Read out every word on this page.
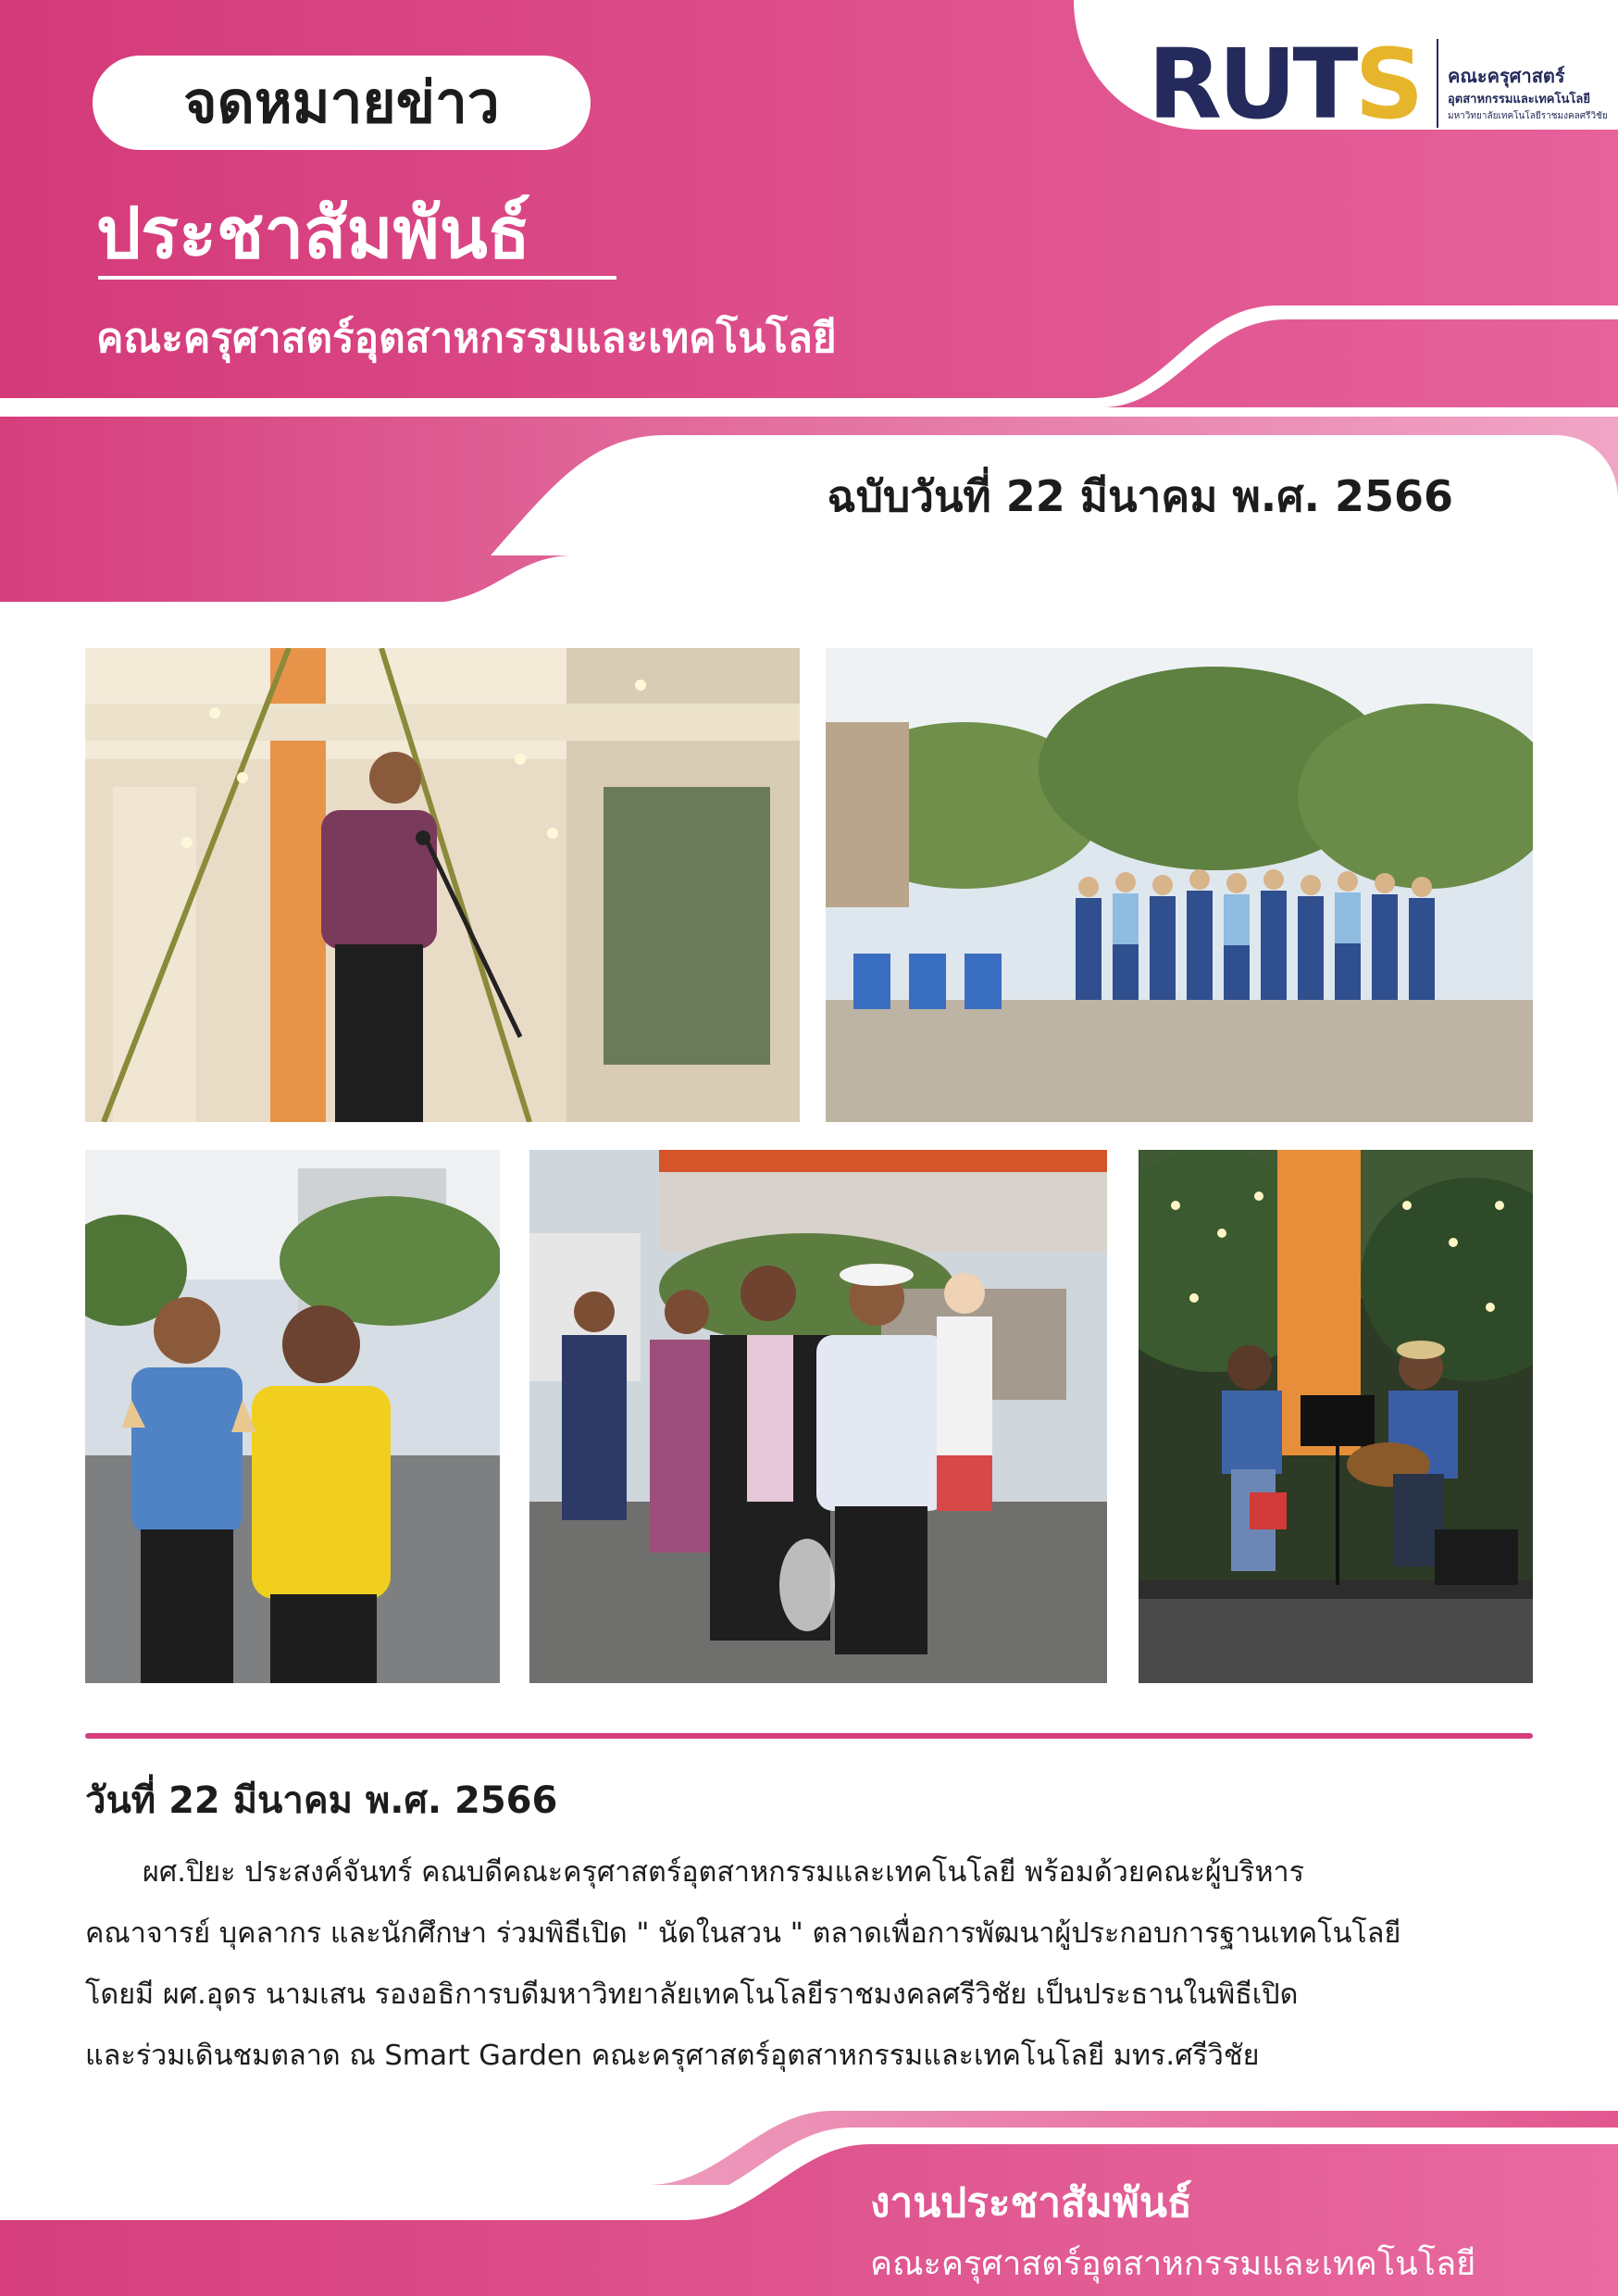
จดหมายข่าว
ประชาสัมพันธ์
คณะครุศาสตร์อุตสาหกรรมและเทคโนโลยี
ฉบับวันที่ 22 มีนาคม พ.ศ. 2566
RUTS คณะครุศาสตร์
อุตสาหกรรมและเทคโนโลยี
มหาวิทยาลัยเทคโนโลยีราชมงคลศรีวิชัย
วันที่ 22 มีนาคม พ.ศ. 2566
ผศ.ปิยะ ประสงค์จันทร์ คณบดีคณะครุศาสตร์อุตสาหกรรมและเทคโนโลยี พร้อมด้วยคณะผู้บริหาร
คณาจารย์ บุคลากร และนักศึกษา ร่วมพิธีเปิด " นัดในสวน " ตลาดเพื่อการพัฒนาผู้ประกอบการฐานเทคโนโลยี
โดยมี ผศ.อุดร นามเสน รองอธิการบดีมหาวิทยาลัยเทคโนโลยีราชมงคลศรีวิชัย เป็นประธานในพิธีเปิด
และร่วมเดินชมตลาด ณ Smart Garden คณะครุศาสตร์อุตสาหกรรมและเทคโนโลยี มทร.ศรีวิชัย
งานประชาสัมพันธ์
คณะครุศาสตร์อุตสาหกรรมและเทคโนโลยี
